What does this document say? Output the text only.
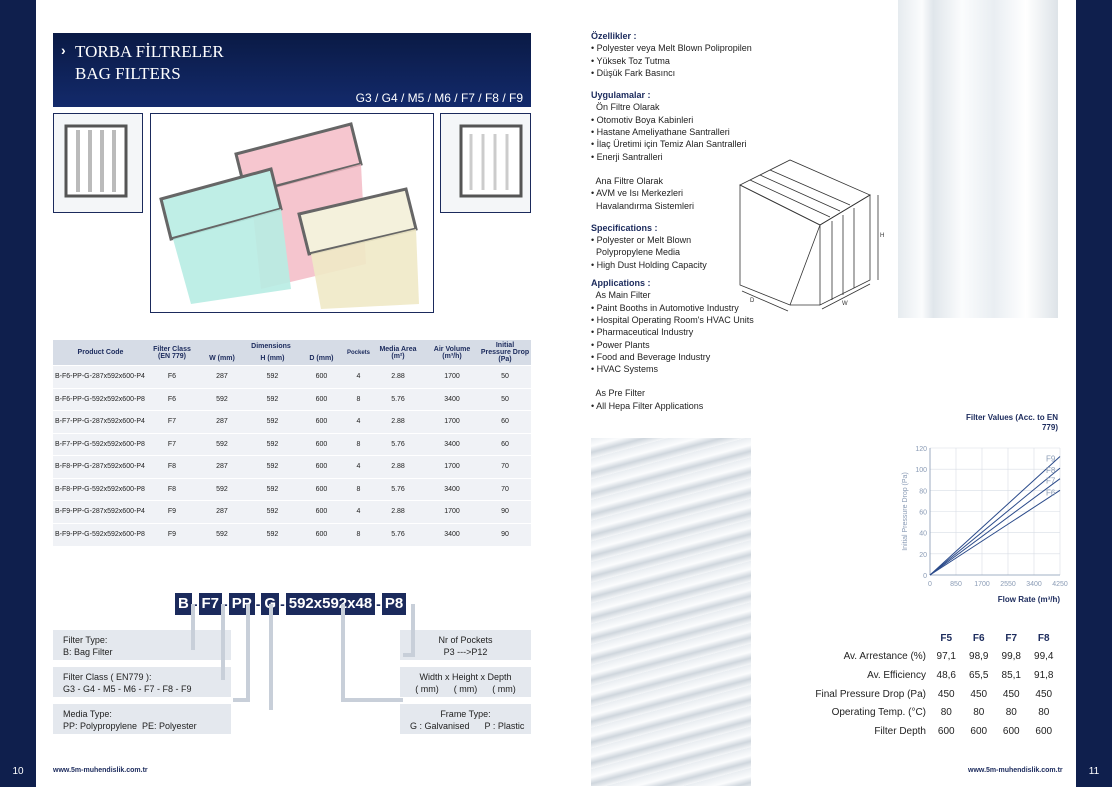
10	11
› TORBA FİLTRELER
BAG FILTERS
G3 / G4 / M5 / M6 / F7 / F8 / F9
Product Code	Filter Class (EN 779)	Dimensions			Pockets	Media Area (m²)	Air Volume (m³/h)	Initial Pressure Drop (Pa)
		W (mm)	H (mm)	D (mm)				
B-F6-PP-G-287x592x600-P4	F6	287	592	600	4	2.88	1700	50
B-F6-PP-G-592x592x600-P8	F6	592	592	600	8	5.76	3400	50
B-F7-PP-G-287x592x600-P4	F7	287	592	600	4	2.88	1700	60
B-F7-PP-G-592x592x600-P8	F7	592	592	600	8	5.76	3400	60
B-F8-PP-G-287x592x600-P4	F8	287	592	600	4	2.88	1700	70
B-F8-PP-G-592x592x600-P8	F8	592	592	600	8	5.76	3400	70
B-F9-PP-G-287x592x600-P4	F9	287	592	600	4	2.88	1700	90
B-F9-PP-G-592x592x600-P8	F9	592	592	600	8	5.76	3400	90
B - F7 - PP - G - 592x592x48 - P8
Filter Type:
B: Bag Filter
Filter Class ( EN779 ):
G3 - G4 - M5 - M6 - F7 - F8 - F9
Media Type:
PP: Polypropylene  PE: Polyester
Nr of Pockets
P3 --->P12
Width x Height x Depth
( mm)      ( mm)      ( mm)
Frame Type:
G : Galvanised      P : Plastic
www.5m-muhendislik.com.tr	www.5m-muhendislik.com.tr
Özellikler :
• Polyester veya Melt Blown Polipropilen
• Yüksek Toz Tutma
• Düşük Fark Basıncı
Uygulamalar :
Ön Filtre Olarak
• Otomotiv Boya Kabinleri
• Hastane Ameliyathane Santralleri
• İlaç Üretimi için Temiz Alan Santralleri
• Enerji Santralleri
Ana Filtre Olarak
• AVM ve Isı Merkezleri
Havalandırma Sistemleri
Specifications :
• Polyester or Melt Blown
Polypropylene Media
• High Dust Holding Capacity
Applications :
As Main Filter
• Paint Booths in Automotive Industry
• Hospital Operating Room's HVAC Units
• Pharmaceutical Industry
• Power Plants
• Food and Beverage Industry
• HVAC Systems
As Pre Filter
• All Hepa Filter Applications
H
W
D
Filter Values (Acc. to EN 779)
0
20
40
60
80
100
120
0	850 1700 2550 3400 4250
F9
F8
F7
F6
Flow Rate (m³/h)
Initial Pressure Drop (Pa)
F5	F6	F7	F8
Av. Arrestance (%)	97,1	98,9	99,8	99,4
Av. Efficiency	48,6	65,5	85,1	91,8
Final Pressure Drop (Pa)	450	450	450	450
Operating Temp. (°C)	80	80	80	80
Filter Depth	600	600	600	600
